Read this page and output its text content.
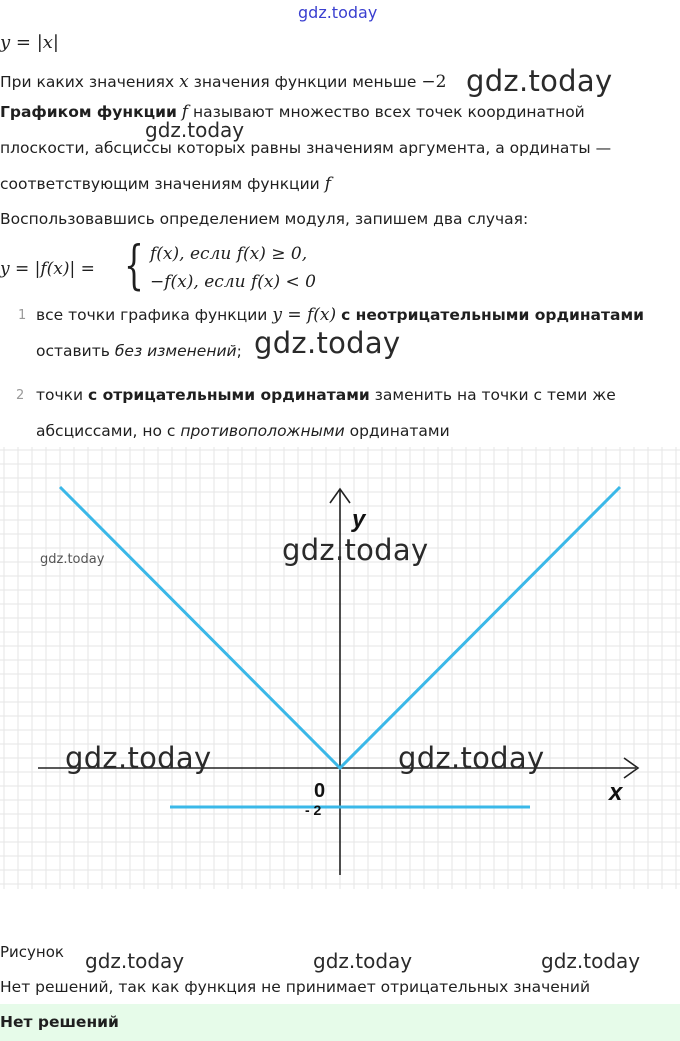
gdz.today
y = |x|
При каких значениях x значения функции меньше −2 gdz.today
Графиком функции f называют множество всех точек координатной
gdz.today
плоскости, абсциссы которых равны значениям аргумента, а ординаты —
соответствующим значениям функции f
Воспользовавшись определением модуля, запишем два случая:
y = |f(x)| = { f(x), если f(x) ≥ 0,
−f(x), если f(x) < 0
1 все точки графика функции y = f(x) с неотрицательными ординатами
оставить без изменений; gdz.today
2 точки с отрицательными ординатами заменить на точки с теми же
абсциссами, но с противоположными ординатами
y
x
0
- 2
gdz.today	gdz.today
gdz.today	gdz.today
Рисунок gdz.today	gdz.today	gdz.today
Нет решений, так как функция не принимает отрицательных значений
Нет решений
